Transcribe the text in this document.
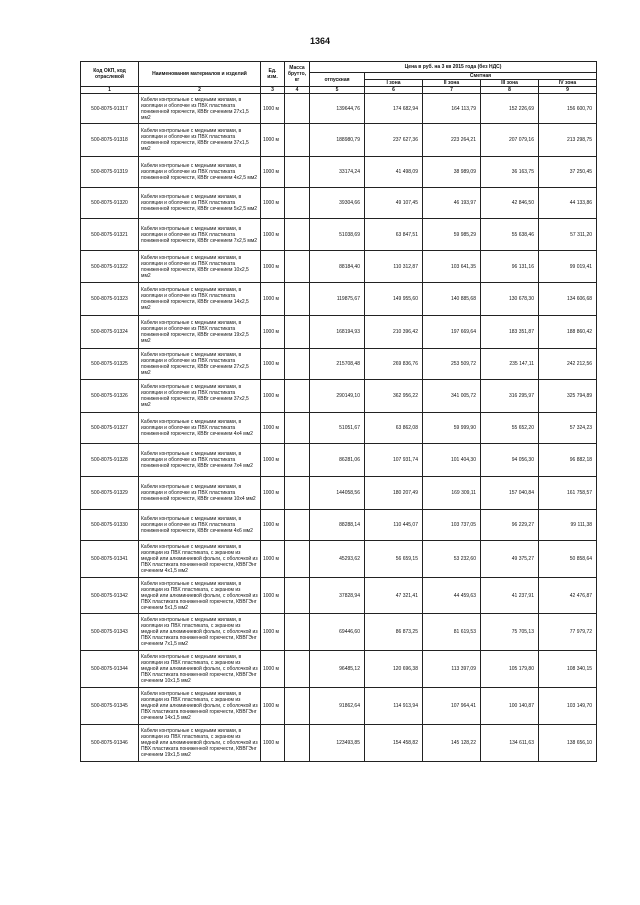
1364
Код ОКП, код отраслевой	Наименования материалов и изделий	Ед. изм.	Масса брутто, кг	Цена в руб. на 3 кв 2015 года (без НДС)				
				отпускная	Сметная			
					I зона	II зона	III зона	IV зона
1	2	3	4	5	6	7	8	9
500-8075-91317	Кабели контрольные с медными жилами, в изоляции и оболочке из ПВХ пластиката пониженной горючести, КВВг сечением 27х1,5 мм2	1000 м		139644,76	174 682,94	164 113,79	152 226,69	156 600,70
500-8075-91318	Кабели контрольные с медными жилами, в изоляции и оболочке из ПВХ пластиката пониженной горючести, КВВг сечением 37х1,5 мм2	1000 м		188980,79	237 627,36	223 264,21	207 079,16	213 298,75
500-8075-91319	Кабели контрольные с медными жилами, в изоляции и оболочке из ПВХ пластиката пониженной горючести, КВВг сечением 4х2,5 мм2	1000 м		33174,24	41 498,09	38 989,09	36 163,75	37 250,45
500-8075-91320	Кабели контрольные с медными жилами, в изоляции и оболочке из ПВХ пластиката пониженной горючести, КВВг сечением 5х2,5 мм2	1000 м		39304,66	49 107,45	46 193,97	42 846,50	44 133,86
500-8075-91321	Кабели контрольные с медными жилами, в изоляции и оболочке из ПВХ пластиката пониженной горючести, КВВг сечением 7х2,5 мм2	1000 м		51038,69	63 847,51	59 985,29	55 638,46	57 311,20
500-8075-91322	Кабели контрольные с медными жилами, в изоляции и оболочке из ПВХ пластиката пониженной горючести, КВВг сечением 10х2,5 мм2	1000 м		88184,40	110 312,87	103 641,35	96 131,16	99 019,41
500-8075-91323	Кабели контрольные с медными жилами, в изоляции и оболочке из ПВХ пластиката пониженной горючести, КВВг сечением 14х2,5 мм2	1000 м		119875,67	149 955,60	140 885,68	130 678,30	134 606,68
500-8075-91324	Кабели контрольные с медными жилами, в изоляции и оболочке из ПВХ пластиката пониженной горючести, КВВг сечением 19х2,5 мм2	1000 м		168194,93	210 396,42	197 669,64	183 351,87	188 860,42
500-8075-91325	Кабели контрольные с медными жилами, в изоляции и оболочке из ПВХ пластиката пониженной горючести, КВВг сечением 27х2,5 мм2	1000 м		215708,48	269 836,76	253 509,72	235 147,11	242 212,56
500-8075-91326	Кабели контрольные с медными жилами, в изоляции и оболочке из ПВХ пластиката пониженной горючести, КВВг сечением 37х2,5 мм2	1000 м		290149,10	362 956,22	341 005,72	316 295,97	325 794,89
500-8075-91327	Кабели контрольные с медными жилами, в изоляции и оболочке из ПВХ пластиката пониженной горючести, КВВг сечением 4х4 мм2	1000 м		51051,67	63 862,08	59 999,90	55 652,20	57 324,23
500-8075-91328	Кабели контрольные с медными жилами, в изоляции и оболочке из ПВХ пластиката пониженной горючести, КВВг сечением 7х4 мм2	1000 м		86281,06	107 931,74	101 404,30	94 056,30	96 882,18
500-8075-91329	Кабели контрольные с медными жилами, в изоляции и оболочке из ПВХ пластиката пониженной горючести, КВВг сечением 10х4 мм2	1000 м		144058,56	180 207,49	169 309,11	157 040,84	161 758,57
500-8075-91330	Кабели контрольные с медными жилами, в изоляции и оболочке из ПВХ пластиката пониженной горючести, КВВг сечением 4х6 мм2	1000 м		88288,14	110 445,07	103 737,05	96 229,27	99 111,38
500-8075-91341	Кабели контрольные с медными жилами, в изоляции из ПВХ пластиката, с экраном из медной или алюминиевой фольги, с оболочкой из ПВХ пластиката пониженной горючести, КВВГЭнг сечением 4х1,5 мм2	1000 м		45293,62	56 659,15	53 232,60	49 375,27	50 858,64
500-8075-91342	Кабели контрольные с медными жилами, в изоляции из ПВХ пластиката, с экраном из медной или алюминиевой фольги, с оболочкой из ПВХ пластиката пониженной горючести, КВВГЭнг сечением 5х1,5 мм2	1000 м		37828,94	47 321,41	44 459,63	41 237,91	42 476,87
500-8075-91343	Кабели контрольные с медными жилами, в изоляции из ПВХ пластиката, с экраном из медной или алюминиевой фольги, с оболочкой из ПВХ пластиката пониженной горючести, КВВГЭнг сечением 7х1,5 мм2	1000 м		69446,60	86 873,25	81 619,53	75 705,13	77 979,72
500-8075-91344	Кабели контрольные с медными жилами, в изоляции из ПВХ пластиката, с экраном из медной или алюминиевой фольги, с оболочкой из ПВХ пластиката пониженной горючести, КВВГЭнг сечением 10х1,5 мм2	1000 м		96485,12	120 696,38	113 397,09	105 179,80	108 340,15
500-8075-91345	Кабели контрольные с медными жилами, в изоляции из ПВХ пластиката, с экраном из медной или алюминиевой фольги, с оболочкой из ПВХ пластиката пониженной горючести, КВВГЭнг сечением 14х1,5 мм2	1000 м		91862,64	114 913,94	107 964,41	100 140,87	103 149,70
500-8075-91346	Кабели контрольные с медными жилами, в изоляции из ПВХ пластиката, с экраном из медной или алюминиевой фольги, с оболочкой из ПВХ пластиката пониженной горючести, КВВГЭнг сечением 19х1,5 мм2	1000 м		123493,85	154 458,82	145 128,22	134 611,63	138 656,10
